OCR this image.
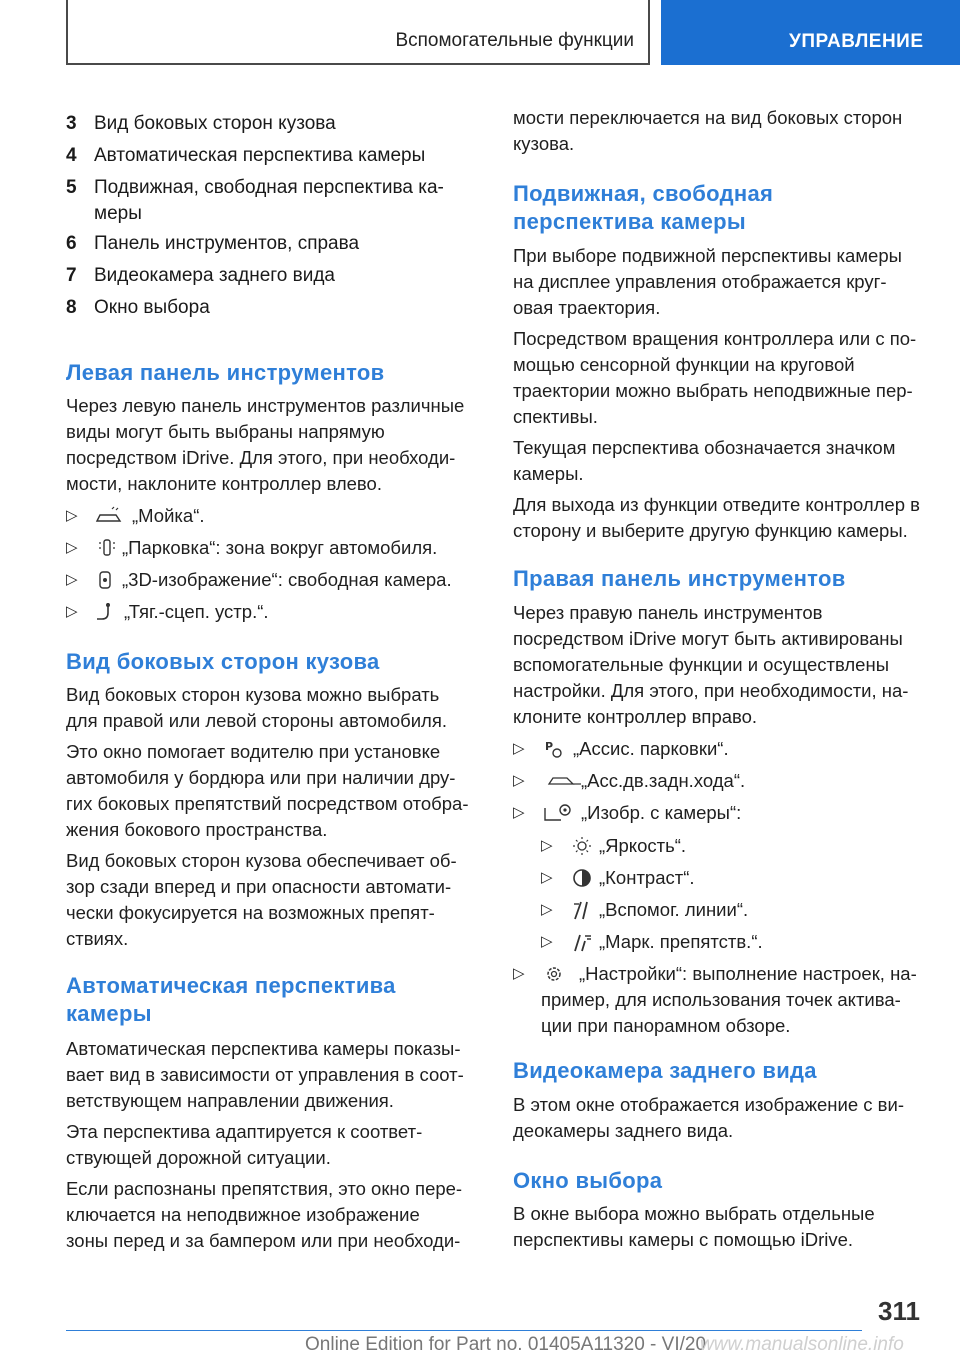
Вспомогательные функции	УПРАВЛЕНИЕ
3 Вид боковых сторон кузова
4 Автоматическая перспектива камеры
5 Подвижная, свободная перспектива ка-
меры
6 Панель инструментов, справа
7 Видеокамера заднего вида
8 Окно выбора
Левая панель инструментов
Через левую панель инструментов различные
виды могут быть выбраны напрямую
посредством iDrive. Для этого, при необходи-
мости, наклоните контроллер влево.
▷	„Мойка“.
▷ „Парковка“: зона вокруг автомобиля.
▷ „3D-изображение“: свободная камера.
▷	„Тяг.-сцеп. устр.“.
Вид боковых сторон кузова
Вид боковых сторон кузова можно выбрать
для правой или левой стороны автомобиля.
Это окно помогает водителю при установке
автомобиля у бордюра или при наличии дру-
гих боковых препятствий посредством отобра-
жения бокового пространства.
Вид боковых сторон кузова обеспечивает об-
зор сзади вперед и при опасности автомати-
чески фокусируется на возможных препят-
ствиях.
Автоматическая перспектива
камеры
Автоматическая перспектива камеры показы-
вает вид в зависимости от управления в соот-
ветствующем направлении движения.
Эта перспектива адаптируется к соответ-
ствующей дорожной ситуации.
Если распознаны препятствия, это окно пере-
ключается на неподвижное изображение
зоны перед и за бампером или при необходи-
мости переключается на вид боковых сторон
кузова.
Подвижная, свободная
перспектива камеры
При выборе подвижной перспективы камеры
на дисплее управления отображается круг-
овая траектория.
Посредством вращения контроллера или с по-
мощью сенсорной функции на круговой
траектории можно выбрать неподвижные пер-
спективы.
Текущая перспектива обозначается значком
камеры.
Для выхода из функции отведите контроллер в
сторону и выберите другую функцию камеры.
Правая панель инструментов
Через правую панель инструментов
посредством iDrive могут быть активированы
вспомогательные функции и осуществлены
настройки. Для этого, при необходимости, на-
клоните контроллер вправо.
▷ P „Ассис. парковки“.
▷	„Асс.дв.задн.хода“.
▷	„Изобр. с камеры“:
▷	„Яркость“.
▷	„Контраст“.
▷	„Вспомог. линии“.
▷	„Марк. препятств.“.
▷	„Настройки“: выполнение настроек, на-
пример, для использования точек актива-
ции при панорамном обзоре.
Видеокамера заднего вида
В этом окне отображается изображение с ви-
деокамеры заднего вида.
Окно выбора
В окне выбора можно выбрать отдельные
перспективы камеры с помощью iDrive.
311
Online Edition for Part no. 01405A11320 - VI/20
www.manualsonline.info
